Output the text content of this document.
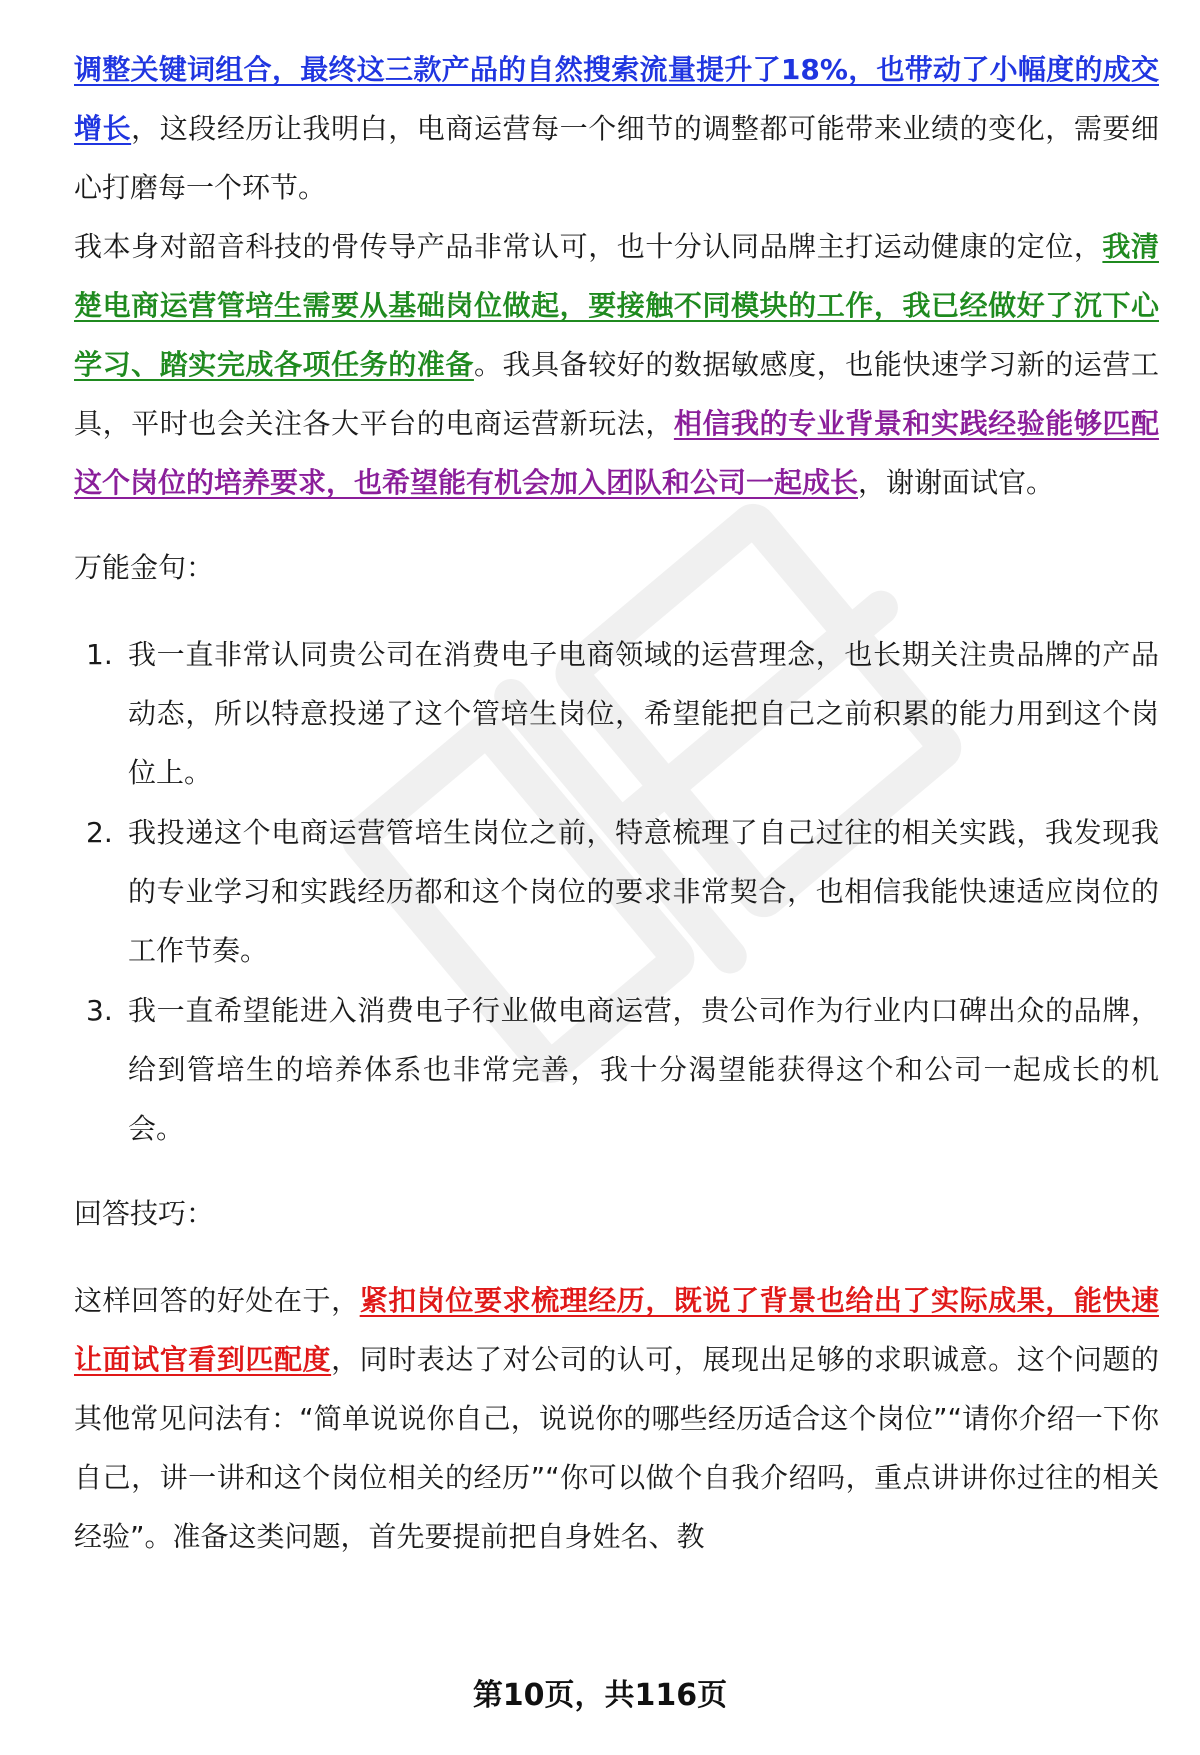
调整关键词组合，最终这三款产品的自然搜索流量提升了18%，也带动了小幅度的成交增长，这段经历让我明白，电商运营每一个细节的调整都可能带来业绩的变化，需要细心打磨每一个环节。

我本身对韶音科技的骨传导产品非常认可，也十分认同品牌主打运动健康的定位，我清楚电商运营管培生需要从基础岗位做起，要接触不同模块的工作，我已经做好了沉下心学习、踏实完成各项任务的准备。我具备较好的数据敏感度，也能快速学习新的运营工具，平时也会关注各大平台的电商运营新玩法，相信我的专业背景和实践经验能够匹配这个岗位的培养要求，也希望能有机会加入团队和公司一起成长，谢谢面试官。

万能金句：
1. 我一直非常认同贵公司在消费电子电商领域的运营理念，也长期关注贵品牌的产品动态，所以特意投递了这个管培生岗位，希望能把自己之前积累的能力用到这个岗位上。
2. 我投递这个电商运营管培生岗位之前，特意梳理了自己过往的相关实践，我发现我的专业学习和实践经历都和这个岗位的要求非常契合，也相信我能快速适应岗位的工作节奏。
3. 我一直希望能进入消费电子行业做电商运营，贵公司作为行业内口碑出众的品牌，给到管培生的培养体系也非常完善，我十分渴望能获得这个和公司一起成长的机会。
回答技巧：

这样回答的好处在于，紧扣岗位要求梳理经历，既说了背景也给出了实际成果，能快速让面试官看到匹配度，同时表达了对公司的认可，展现出足够的求职诚意。这个问题的其他常见问法有：“简单说说你自己，说说你的哪些经历适合这个岗位”“请你介绍一下你自己，讲一讲和这个岗位相关的经历”“你可以做个自我介绍吗，重点讲讲你过往的相关经验”。准备这类问题，首先要提前把自身姓名、教

第10页，共116页
